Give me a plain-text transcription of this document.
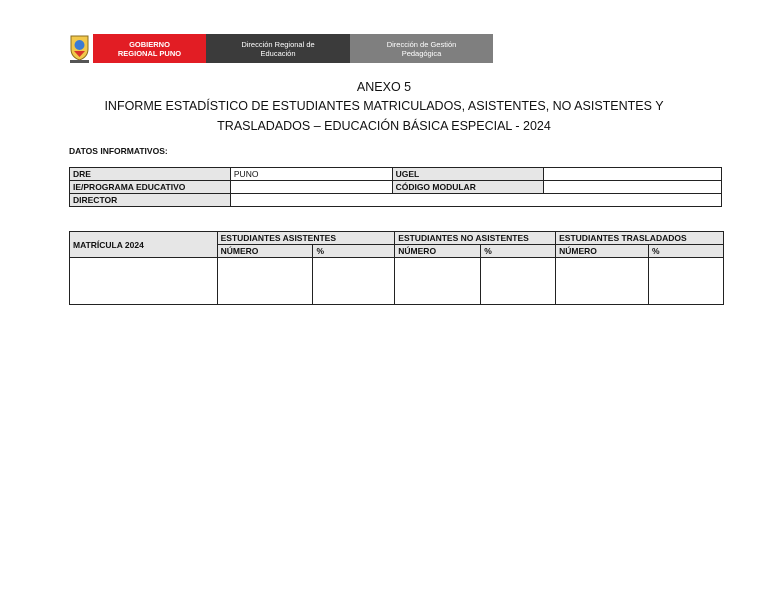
GOBIERNO
REGIONAL PUNO
Dirección Regional de
Educación
Dirección de Gestión
Pedagógica
ANEXO 5
INFORME ESTADÍSTICO DE ESTUDIANTES MATRICULADOS, ASISTENTES, NO ASISTENTES Y
TRASLADADOS – EDUCACIÓN BÁSICA ESPECIAL - 2024
DATOS INFORMATIVOS:
DRE	PUNO	UGEL	
IE/PROGRAMA EDUCATIVO		CÓDIGO MODULAR	
DIRECTOR			
MATRÍCULA 2024	ESTUDIANTES ASISTENTES		ESTUDIANTES NO ASISTENTES		ESTUDIANTES TRASLADADOS	
	NÚMERO	%	NÚMERO	%	NÚMERO	%
